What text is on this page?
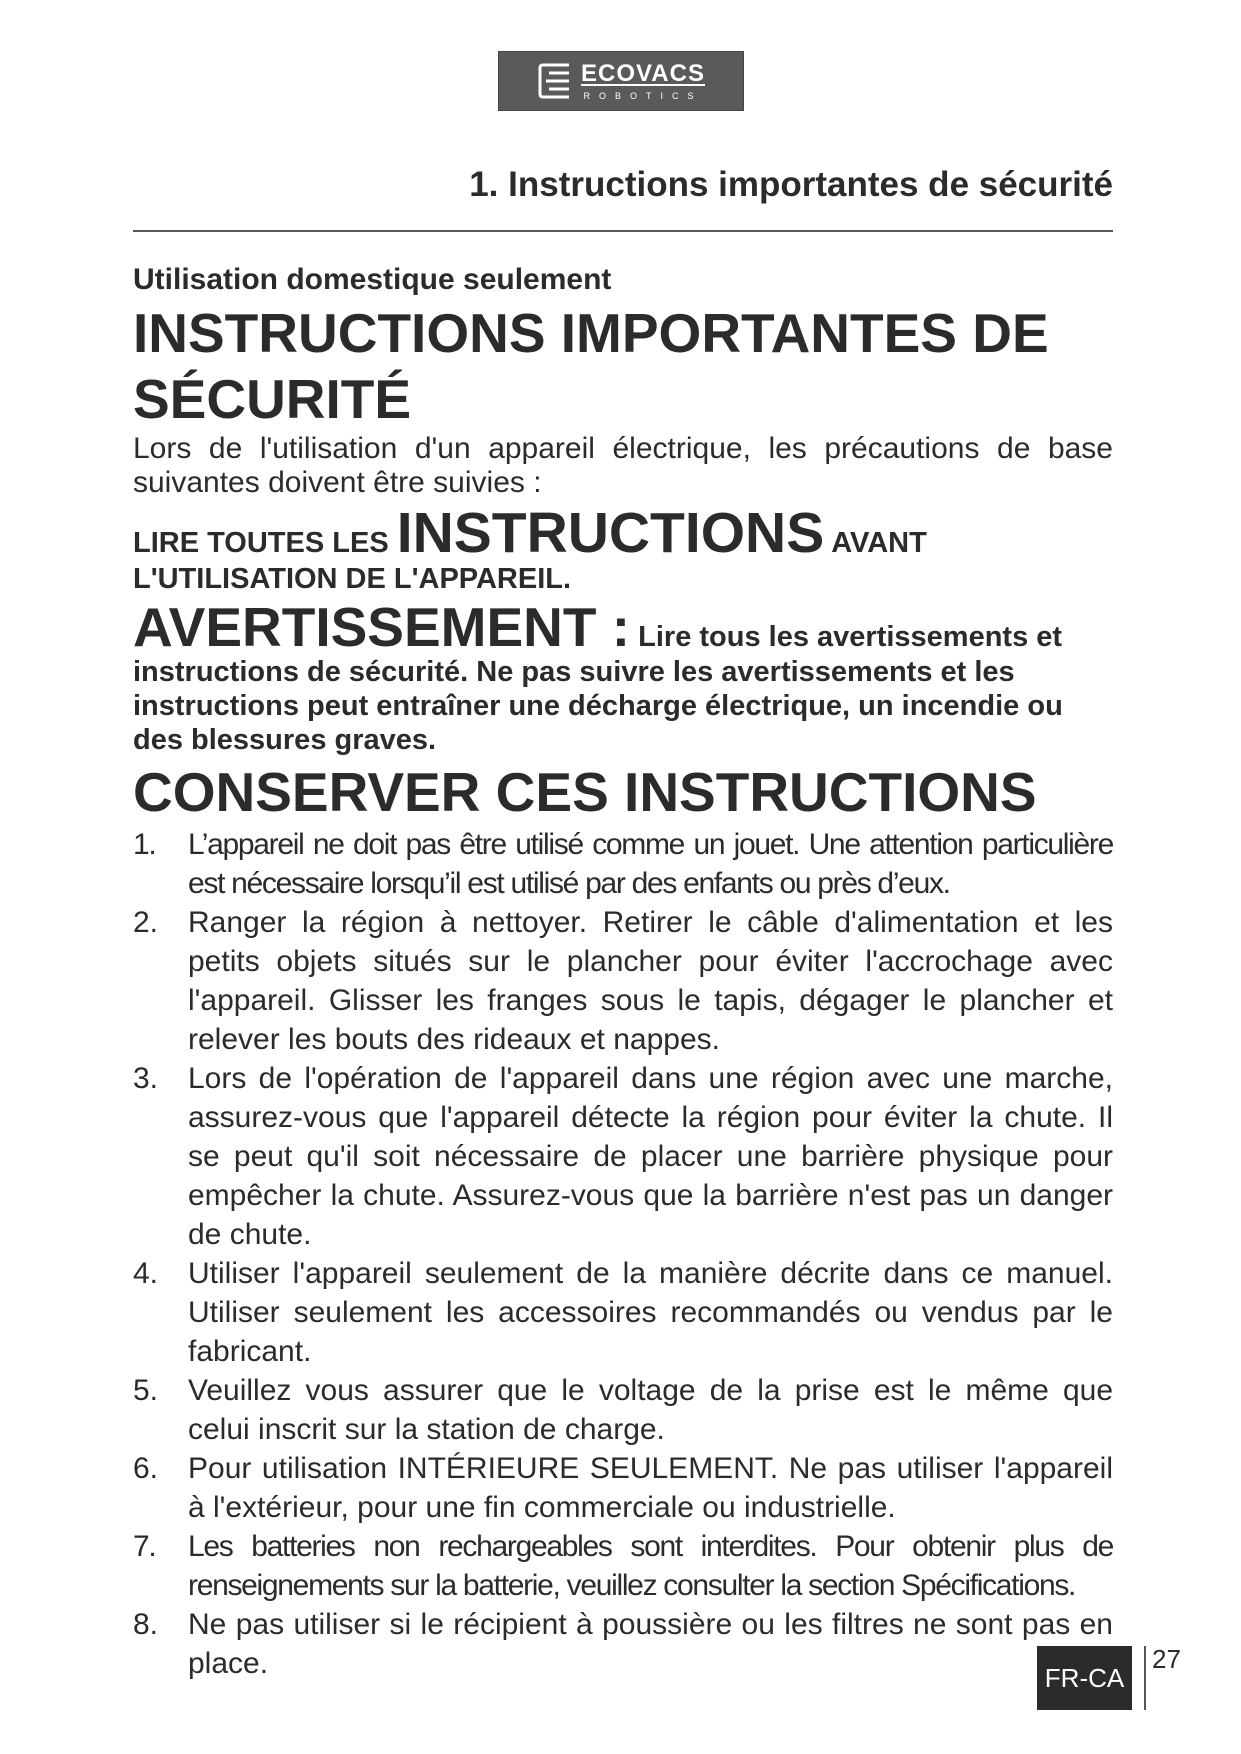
ECOVACS
ROBOTICS
1. Instructions importantes de sécurité
Utilisation domestique seulement
INSTRUCTIONS IMPORTANTES DE SÉCURITÉ
Lors de l'utilisation d'un appareil électrique, les précautions de base suivantes doivent être suivies :
LIRE TOUTES LES INSTRUCTIONS AVANT L'UTILISATION DE L'APPAREIL.
AVERTISSEMENT : Lire tous les avertissements et instructions de sécurité. Ne pas suivre les avertissements et les instructions peut entraîner une décharge électrique, un incendie ou des blessures graves.
CONSERVER CES INSTRUCTIONS
1. L’appareil ne doit pas être utilisé comme un jouet. Une attention particulière est nécessaire lorsqu’il est utilisé par des enfants ou près d’eux.
2. Ranger la région à nettoyer. Retirer le câble d'alimentation et les petits objets situés sur le plancher pour éviter l'accrochage avec l'appareil. Glisser les franges sous le tapis, dégager le plancher et relever les bouts des rideaux et nappes.
3. Lors de l'opération de l'appareil dans une région avec une marche, assurez-vous que l'appareil détecte la région pour éviter la chute. Il se peut qu'il soit nécessaire de placer une barrière physique pour empêcher la chute. Assurez-vous que la barrière n'est pas un danger de chute.
4. Utiliser l'appareil seulement de la manière décrite dans ce manuel. Utiliser seulement les accessoires recommandés ou vendus par le fabricant.
5. Veuillez vous assurer que le voltage de la prise est le même que celui inscrit sur la station de charge.
6. Pour utilisation INTÉRIEURE SEULEMENT. Ne pas utiliser l'appareil à l'extérieur, pour une fin commerciale ou industrielle.
7. Les batteries non rechargeables sont interdites. Pour obtenir plus de renseignements sur la batterie, veuillez consulter la section Spécifications.
8. Ne pas utiliser si le récipient à poussière ou les filtres ne sont pas en place.	FR-CA
27
